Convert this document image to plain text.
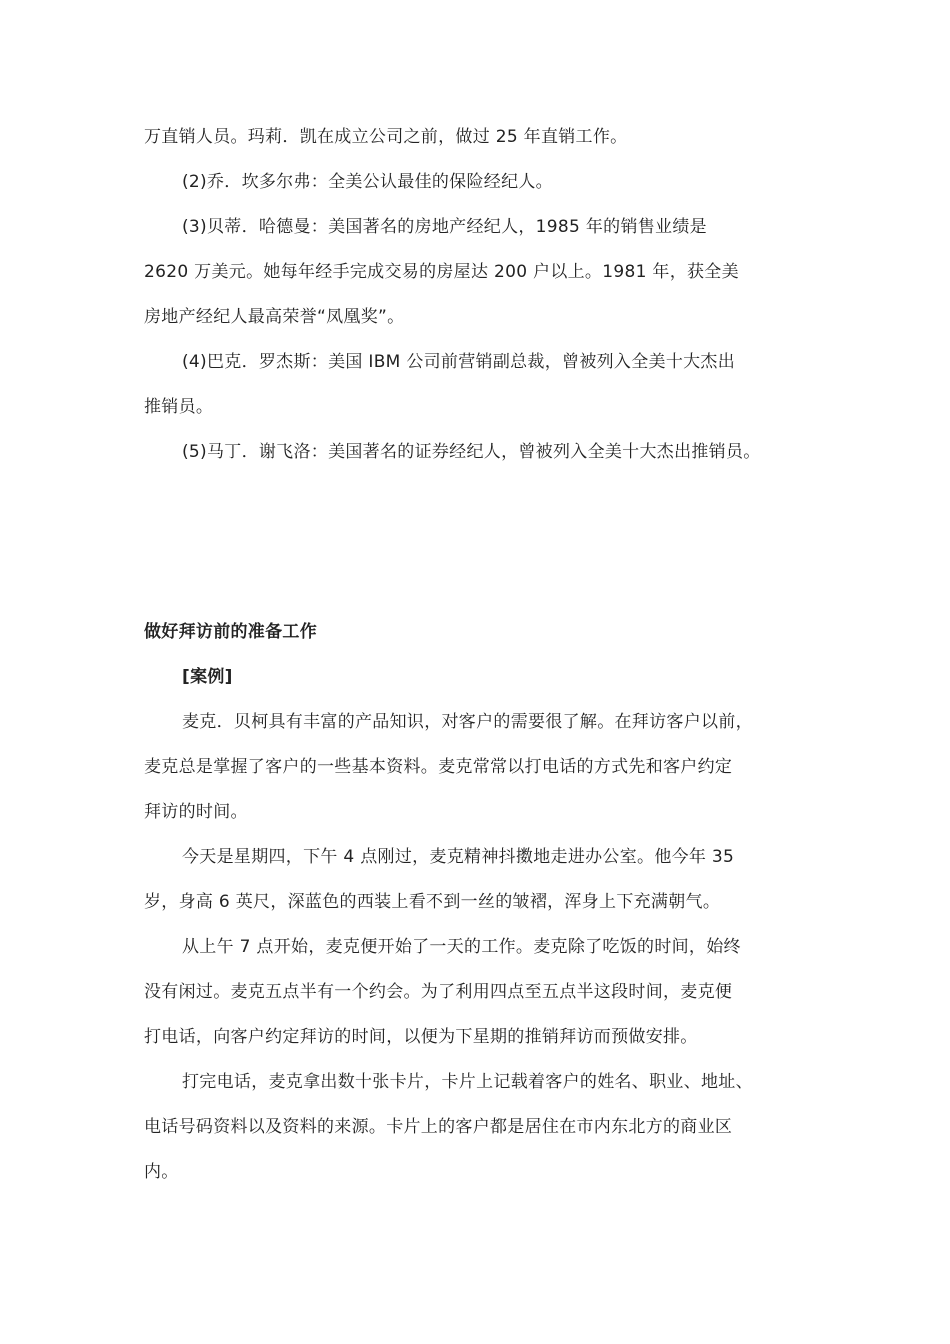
万直销人员。玛莉．凯在成立公司之前，做过 25 年直销工作。
(2)乔．坎多尔弗：全美公认最佳的保险经纪人。
(3)贝蒂．哈德曼：美国著名的房地产经纪人，1985 年的销售业绩是
2620 万美元。她每年经手完成交易的房屋达 200 户以上。1981 年，获全美
房地产经纪人最高荣誉“凤凰奖”。
(4)巴克．罗杰斯：美国 IBM 公司前营销副总裁，曾被列入全美十大杰出
推销员。
(5)马丁．谢飞洛：美国著名的证券经纪人，曾被列入全美十大杰出推销员。
做好拜访前的准备工作
[案例]
麦克．贝柯具有丰富的产品知识，对客户的需要很了解。在拜访客户以前，
麦克总是掌握了客户的一些基本资料。麦克常常以打电话的方式先和客户约定
拜访的时间。
今天是星期四，下午 4 点刚过，麦克精神抖擞地走进办公室。他今年 35
岁，身高 6 英尺，深蓝色的西装上看不到一丝的皱褶，浑身上下充满朝气。
从上午 7 点开始，麦克便开始了一天的工作。麦克除了吃饭的时间，始终
没有闲过。麦克五点半有一个约会。为了利用四点至五点半这段时间，麦克便
打电话，向客户约定拜访的时间，以便为下星期的推销拜访而预做安排。
打完电话，麦克拿出数十张卡片，卡片上记载着客户的姓名、职业、地址、
电话号码资料以及资料的来源。卡片上的客户都是居住在市内东北方的商业区
内。
